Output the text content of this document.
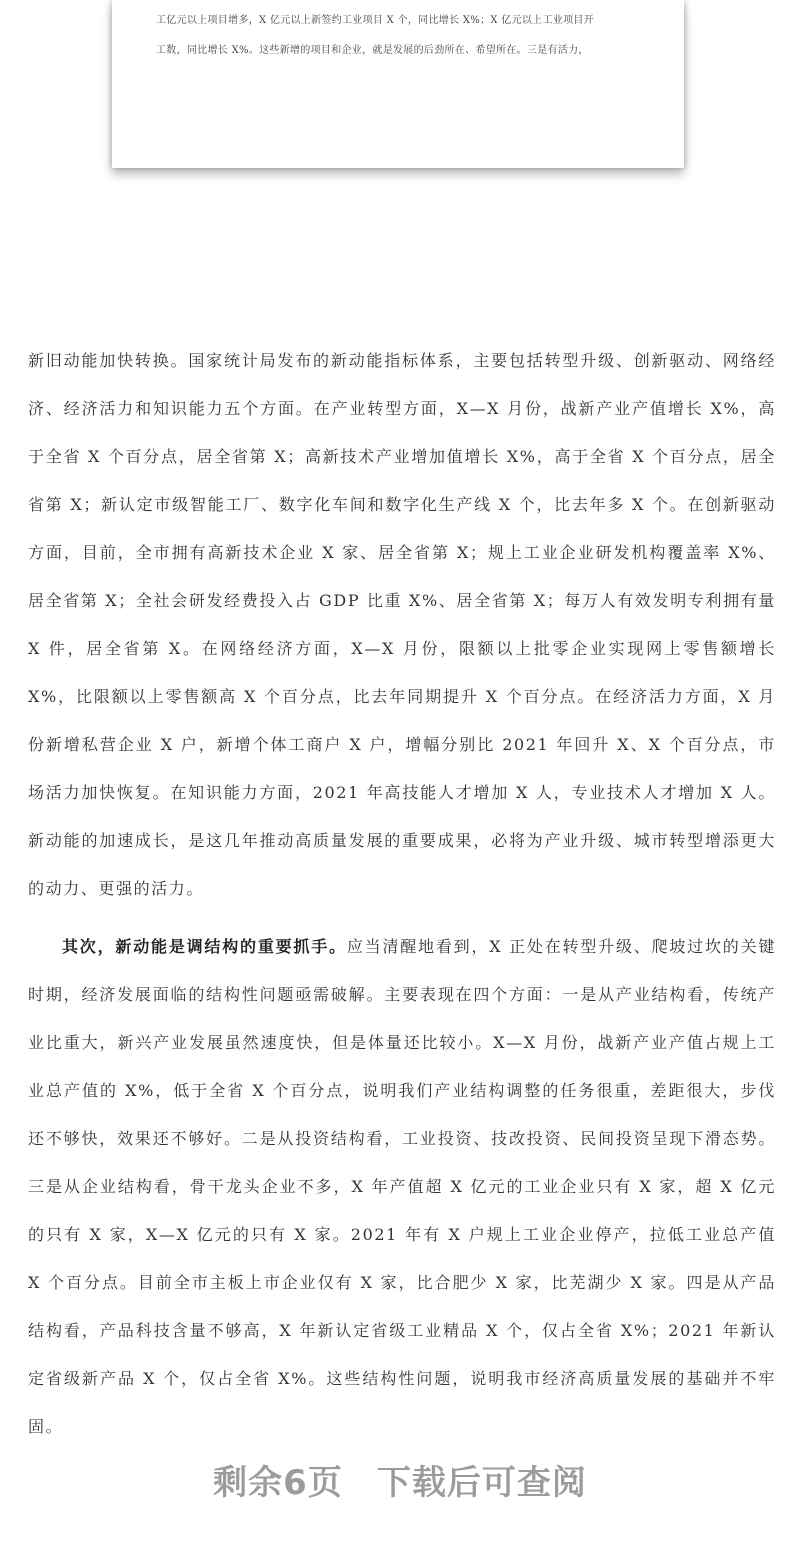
工亿元以上项目增多，X 亿元以上新签约工业项目 X 个，同比增长 X%；X 亿元以上工业项目开
工数，同比增长 X%。这些新增的项目和企业，就是发展的后劲所在、希望所在。三是有活力，

新旧动能加快转换。国家统计局发布的新动能指标体系，主要包括转型升级、创新驱动、网络经济、经济活力和知识能力五个方面。在产业转型方面，X—X 月份，战新产业产值增长 X%，高于全省 X 个百分点，居全省第 X；高新技术产业增加值增长 X%，高于全省 X 个百分点，居全省第 X；新认定市级智能工厂、数字化车间和数字化生产线 X 个，比去年多 X 个。在创新驱动方面，目前，全市拥有高新技术企业 X 家、居全省第 X；规上工业企业研发机构覆盖率 X%、居全省第 X；全社会研发经费投入占 GDP 比重 X%、居全省第 X；每万人有效发明专利拥有量 X 件，居全省第 X。在网络经济方面，X—X 月份，限额以上批零企业实现网上零售额增长 X%，比限额以上零售额高 X 个百分点，比去年同期提升 X 个百分点。在经济活力方面，X 月份新增私营企业 X 户，新增个体工商户 X 户，增幅分别比 2021 年回升 X、X 个百分点，市场活力加快恢复。在知识能力方面，2021 年高技能人才增加 X 人，专业技术人才增加 X 人。新动能的加速成长，是这几年推动高质量发展的重要成果，必将为产业升级、城市转型增添更大的动力、更强的活力。

其次，新动能是调结构的重要抓手。应当清醒地看到，X 正处在转型升级、爬坡过坎的关键时期，经济发展面临的结构性问题亟需破解。主要表现在四个方面：一是从产业结构看，传统产业比重大，新兴产业发展虽然速度快，但是体量还比较小。X—X 月份，战新产业产值占规上工业总产值的 X%，低于全省 X 个百分点，说明我们产业结构调整的任务很重，差距很大，步伐还不够快，效果还不够好。二是从投资结构看，工业投资、技改投资、民间投资呈现下滑态势。三是从企业结构看，骨干龙头企业不多，X 年产值超 X 亿元的工业企业只有 X 家，超 X 亿元的只有 X 家，X—X 亿元的只有 X 家。2021 年有 X 户规上工业企业停产，拉低工业总产值 X 个百分点。目前全市主板上市企业仅有 X 家，比合肥少 X 家，比芜湖少 X 家。四是从产品结构看，产品科技含量不够高，X 年新认定省级工业精品 X 个，仅占全省 X%；2021 年新认定省级新产品 X 个，仅占全省 X%。这些结构性问题，说明我市经济高质量发展的基础并不牢固。

剩余6页 下载后可查阅
